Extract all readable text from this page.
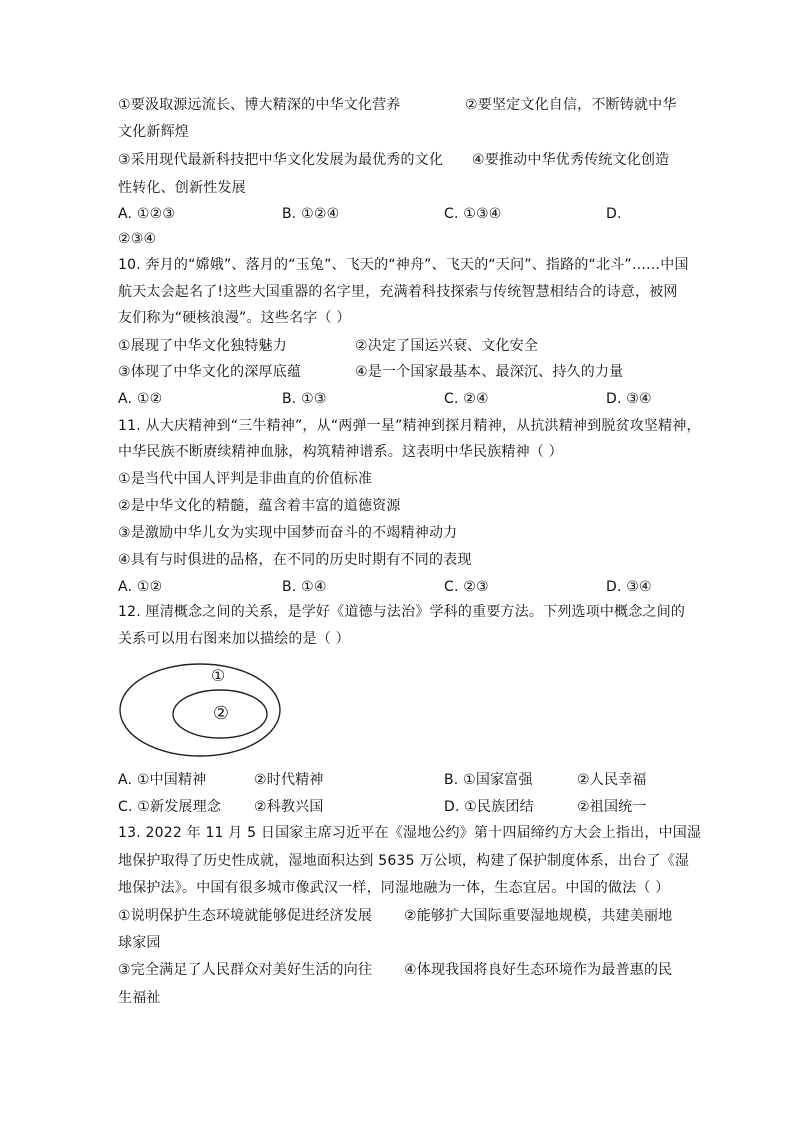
①要汲取源远流长、博大精深的中华文化营养	②要坚定文化自信，不断铸就中华
文化新辉煌
③采用现代最新科技把中华文化发展为最优秀的文化 ④要推动中华优秀传统文化创造
性转化、创新性发展
A. ①②③	B. ①②④	C. ①③④	D.
②③④
10. 奔月的“嫦娥”、落月的“玉兔”、飞天的“神舟”、飞天的“天问”、指路的“北斗”……中国
航天太会起名了!这些大国重器的名字里，充满着科技探索与传统智慧相结合的诗意，被网
友们称为“硬核浪漫”。这些名字（ ）
①展现了中华文化独特魅力	②决定了国运兴衰、文化安全
③体现了中华文化的深厚底蕴	④是一个国家最基本、最深沉、持久的力量
A. ①②	B. ①③	C. ②④	D. ③④
11. 从大庆精神到“三牛精神”，从“两弹一星”精神到探月精神，从抗洪精神到脱贫攻坚精神，
中华民族不断赓续精神血脉，构筑精神谱系。这表明中华民族精神（ ）
①是当代中国人评判是非曲直的价值标准
②是中华文化的精髓，蕴含着丰富的道德资源
③是激励中华儿女为实现中国梦而奋斗的不竭精神动力
④具有与时俱进的品格，在不同的历史时期有不同的表现
A. ①②	B. ①④	C. ②③	D. ③④
12. 厘清概念之间的关系，是学好《道德与法治》学科的重要方法。下列选项中概念之间的
关系可以用右图来加以描绘的是（ ）
①
②
A. ①中国精神	②时代精神	B. ①国家富强	②人民幸福
C. ①新发展理念 ②科教兴国	D. ①民族团结	②祖国统一
13. 2022 年 11 月 5 日国家主席习近平在《湿地公约》第十四届缔约方大会上指出，中国湿
地保护取得了历史性成就，湿地面积达到 5635 万公顷，构建了保护制度体系，出台了《湿
地保护法》。中国有很多城市像武汉一样，同湿地融为一体，生态宜居。中国的做法（ ）
①说明保护生态环境就能够促进经济发展 ②能够扩大国际重要湿地规模，共建美丽地
球家园
③完全满足了人民群众对美好生活的向往 ④体现我国将良好生态环境作为最普惠的民
生福祉
